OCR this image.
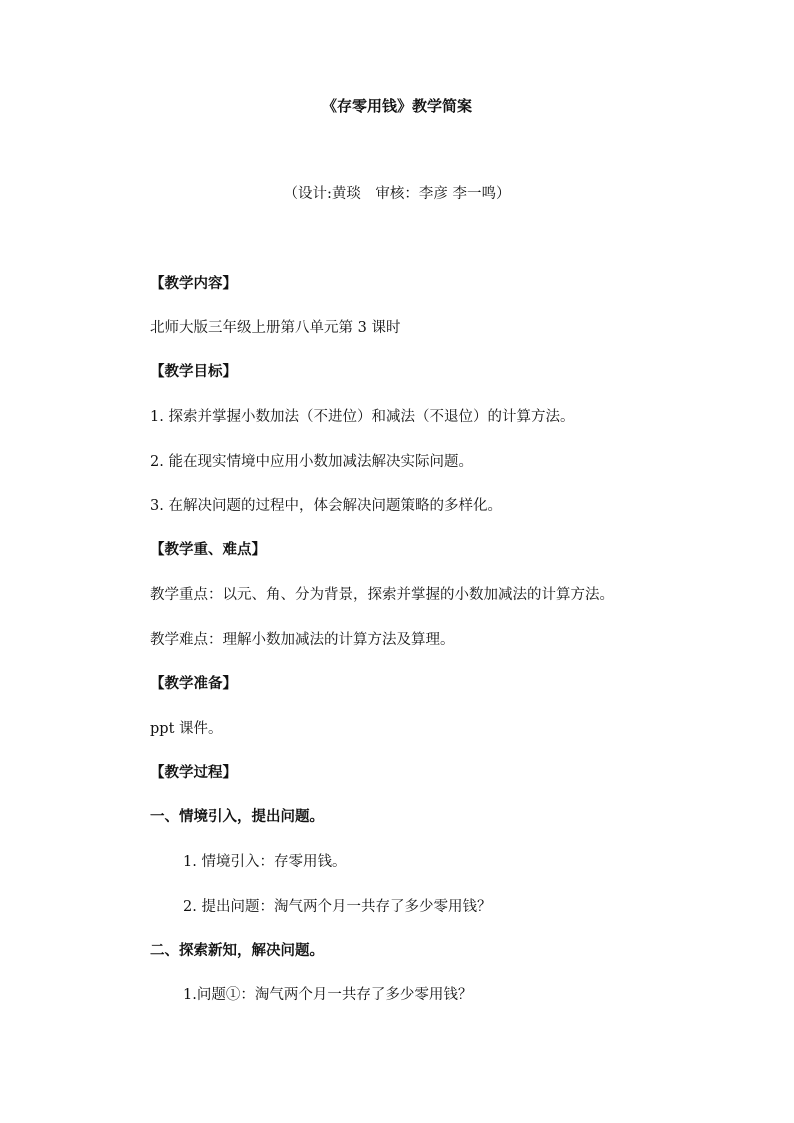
《存零用钱》教学简案
（设计:黄琰　审核：李彦 李一鸣）
【教学内容】
北师大版三年级上册第八单元第 3 课时
【教学目标】
1. 探索并掌握小数加法（不进位）和减法（不退位）的计算方法。
2. 能在现实情境中应用小数加减法解决实际问题。
3. 在解决问题的过程中，体会解决问题策略的多样化。
【教学重、难点】
教学重点：以元、角、分为背景，探索并掌握的小数加减法的计算方法。
教学难点：理解小数加减法的计算方法及算理。
【教学准备】
ppt 课件。
【教学过程】
一、情境引入，提出问题。
1. 情境引入：存零用钱。
2. 提出问题：淘气两个月一共存了多少零用钱？
二、探索新知，解决问题。
1.问题①：淘气两个月一共存了多少零用钱？
